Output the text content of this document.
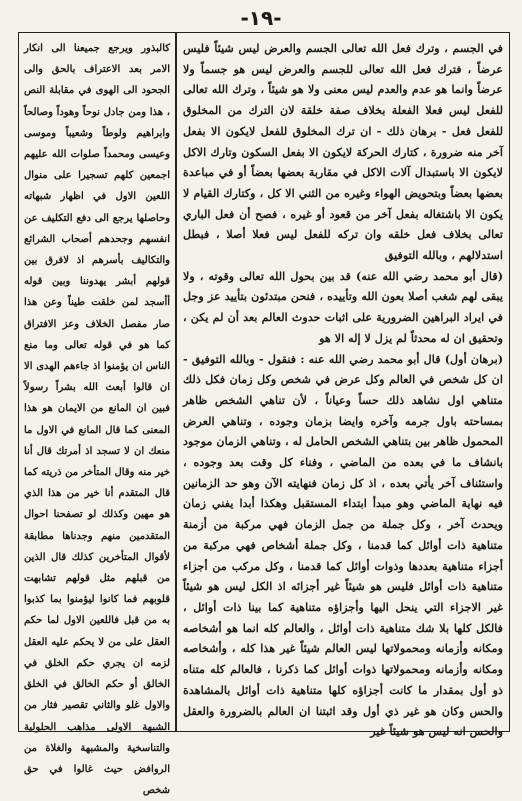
-١٩-

في الجسم ، وترك فعل الله تعالى الجسم والعرض ليس شيئاً فليس عرضاً ، فترك فعل الله تعالى للجسم والعرض ليس هو جسماً ولا عرضاً وانما هو عدم والعدم ليس معنى ولا هو شيئاً ، وترك الله تعالى للفعل ليس فعلا الفعلة بخلاف صفة خلقة لان الترك من المخلوق للفعل فعل - برهان ذلك - ان ترك المخلوق للفعل لايكون الا بفعل آخر منه ضرورة ، كتارك الحركة لايكون الا بفعل السكون وتارك الاكل لايكون الا باستبدال آلات الاكل في مقاربة بعضها بعضاً أو في مباعدة بعضها بعضاً وبتحويض الهواء وغيره من الثني الا كل ، وكتارك القيام لا يكون الا باشتغاله بفعل آخر من قعود أو غيره ، فصح أن فعل الباري تعالى بخلاف فعل خلقه وان تركه للفعل ليس فعلا أصلا ، فبطل استدلالهم ، وبالله التوفيق

(قال أبو محمد رضي الله عنه) قد بين بحول الله تعالى وقوته ، ولا يبقى لهم شغب أصلا بعون الله وتأييده ، فنحن مبتدئون بتأييد عز وجل في ايراد البراهين الضرورية على اثبات حدوث العالم بعد أن لم يكن ، وتحقيق ان له محدثاً لم يزل لا إله الا هو

(برهان أول) قال أبو محمد رضي الله عنه : فنقول - وبالله التوفيق - ان كل شخص في العالم وكل عرض في شخص وكل زمان فكل ذلك متناهي اول نشاهد ذلك حساً وعياناً ، لأن تناهي الشخص ظاهر بمساحته باول جرمه وآخره وايضا بزمان وجوده ، وتناهي العرض المحمول ظاهر بين بتناهي الشخص الحامل له ، وتناهي الزمان موجود بانشاف ما في بعده من الماضي ، وفناء كل وقت بعد وجوده ، واستئناف آخر يأتي بعده ، اذ كل زمان فنهايته الآن وهو حد الزمانين فيه نهاية الماضي وهو مبدأ ابتداء المستقبل وهكذا أبدا يفني زمان ويحدث آخر ، وكل جملة من جمل الزمان فهي مركبة من أزمنة متناهية ذات أوائل كما قدمنا ، وكل جملة أشخاص فهي مركبة من أجزاء متناهية بعددها وذوات أوائل كما قدمنا ، وكل مركب من أجزاء متناهية ذات أوائل فليس هو شيئاً غير أجزائه اذ الكل ليس هو شيئاً غير الاجزاء التي ينحل اليها وأجزاؤه متناهية كما بينا ذات أوائل ، فالكل كلها بلا شك متناهية ذات أوائل ، والعالم كله انما هو أشخاصه ومكانه وأزمانه ومحمولاتها ليس العالم شيئاً غير هذا كله ، وأشخاصه ومكانه وأزمانه ومحمولاتها ذوات أوائل كما ذكرنا ، فالعالم كله متناه ذو أول بمقدار ما كانت أجزاؤه كلها متناهية ذات أوائل بالمشاهدة والحس وكان هو غير ذي أول وقد اثبتنا ان العالم بالضرورة والعقل والحس انه ليس هو شيئاً غير

كالبذور ويرجع جميعنا الى انكار الامر بعد الاعتراف بالحق والى الجحود الى الهوى في مقابلة النص ، هذا ومن جادل نوحاً وهوداً وصالحاً وابراهيم ولوطاً وشعيباً وموسى وعيسى ومحمداً صلوات الله عليهم اجمعين كلهم تسجيرا على منوال اللعين الاول في اظهار شبهاته وحاصلها يرجع الى دفع التكليف عن انفسهم وجحدهم أصحاب الشرائع والتكاليف بأسرهم اذ لافرق بين قولهم أبشر يهدوننا وبين قوله أأسجد لمن خلقت طيناً وعن هذا صار مفصل الخلاف وعز الافتراق كما هو في قوله تعالى وما منع الناس ان يؤمنوا اذ جاءهم الهدى الا ان قالوا أبعث الله بشراً رسولاً فبين ان المانع من الايمان هو هذا المعنى كما قال المانع في الاول ما منعك ان لا تسجد اذ أمرتك قال أنا خير منه وقال المتأخر من ذريته كما قال المتقدم أنا خير من هذا الذي هو مهين وكذلك لو تصفحنا احوال المتقدمين منهم وجدناها مطابقة لأقوال المتأخرين كذلك قال الذين من قبلهم مثل قولهم تشابهت قلوبهم فما كانوا ليؤمنوا بما كذبوا به من قبل فاللعين الاول لما حكم العقل على من لا يحكم عليه العقل لزمه ان يجري حكم الخلق في الخالق أو حكم الخالق في الخلق والاول غلو والثاني تقصير فثار من الشبهة الاولى مذاهب الحلولية والتناسخية والمشبهة والغلاة من الروافض حيث غالوا في حق شخص
